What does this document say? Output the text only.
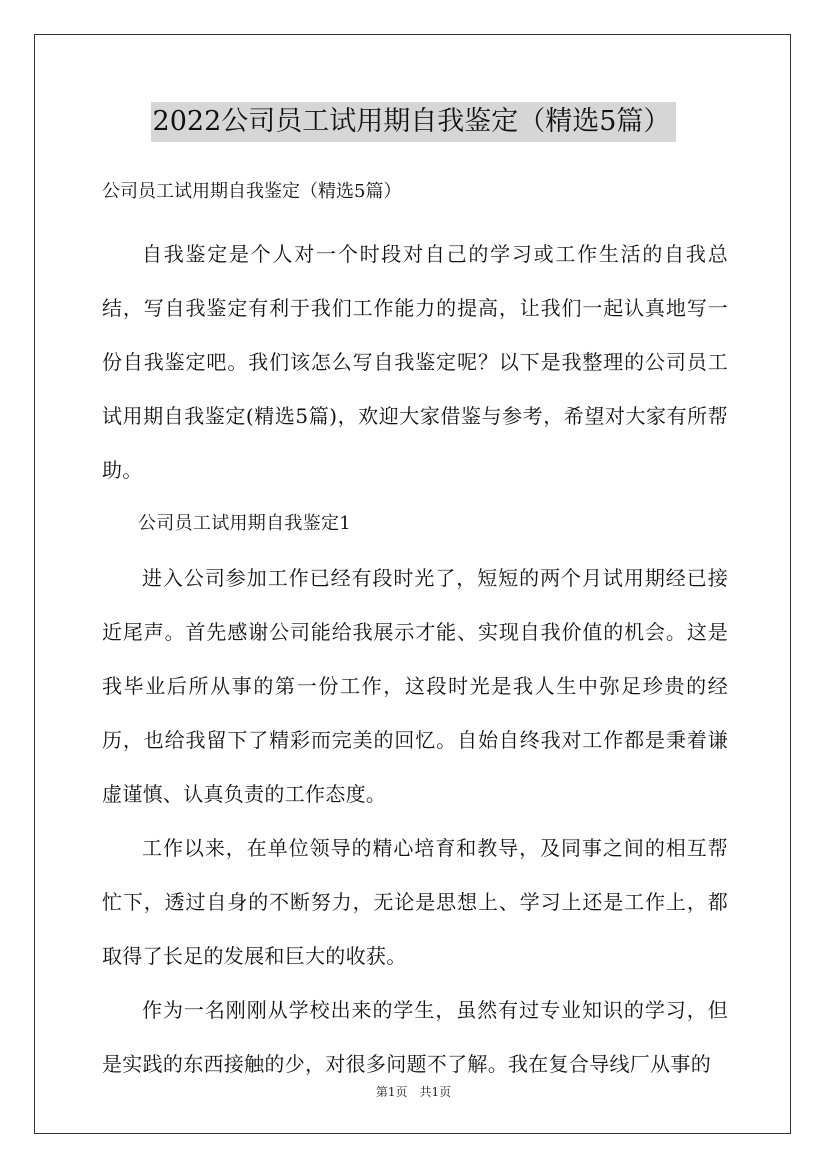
2022公司员工试用期自我鉴定（精选5篇）

公司员工试用期自我鉴定（精选5篇）

自我鉴定是个人对一个时段对自己的学习或工作生活的自我总结，写自我鉴定有利于我们工作能力的提高，让我们一起认真地写一份自我鉴定吧。我们该怎么写自我鉴定呢？以下是我整理的公司员工试用期自我鉴定(精选5篇)，欢迎大家借鉴与参考，希望对大家有所帮助。

公司员工试用期自我鉴定1

进入公司参加工作已经有段时光了，短短的两个月试用期经已接近尾声。首先感谢公司能给我展示才能、实现自我价值的机会。这是我毕业后所从事的第一份工作，这段时光是我人生中弥足珍贵的经历，也给我留下了精彩而完美的回忆。自始自终我对工作都是秉着谦虚谨慎、认真负责的工作态度。

工作以来，在单位领导的精心培育和教导，及同事之间的相互帮忙下，透过自身的不断努力，无论是思想上、学习上还是工作上，都取得了长足的发展和巨大的收获。

作为一名刚刚从学校出来的学生，虽然有过专业知识的学习，但是实践的东西接触的少，对很多问题不了解。我在复合导线厂从事的

第1页　共1页
